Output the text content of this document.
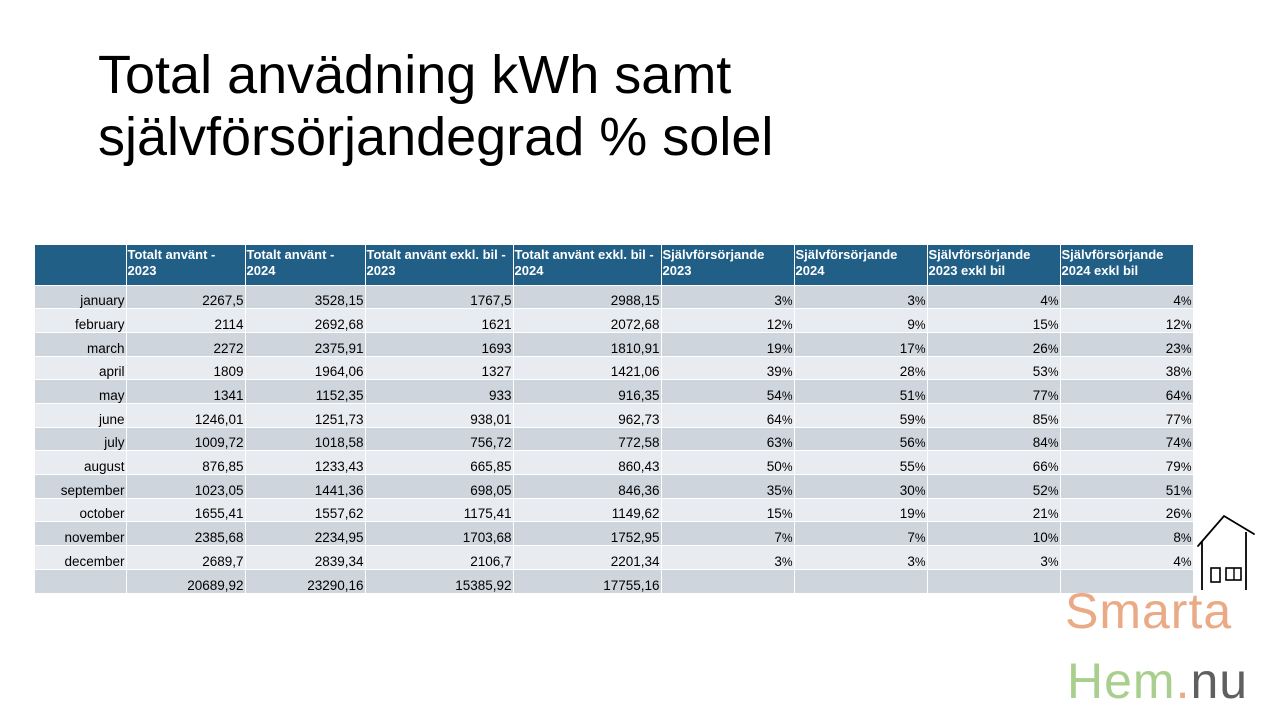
Total anvädning kWh samt
självförsörjandegrad % solel
	Totalt använt - 2023	Totalt använt - 2024	Totalt använt exkl. bil - 2023	Totalt använt exkl. bil - 2024	Självförsörjande 2023	Självförsörjande 2024	Självförsörjande 2023 exkl bil	Självförsörjande 2024 exkl bil
january	2267,5	3528,15	1767,5	2988,15	3%	3%	4%	4%
february	2114	2692,68	1621	2072,68	12%	9%	15%	12%
march	2272	2375,91	1693	1810,91	19%	17%	26%	23%
april	1809	1964,06	1327	1421,06	39%	28%	53%	38%
may	1341	1152,35	933	916,35	54%	51%	77%	64%
june	1246,01	1251,73	938,01	962,73	64%	59%	85%	77%
july	1009,72	1018,58	756,72	772,58	63%	56%	84%	74%
august	876,85	1233,43	665,85	860,43	50%	55%	66%	79%
september	1023,05	1441,36	698,05	846,36	35%	30%	52%	51%
october	1655,41	1557,62	1175,41	1149,62	15%	19%	21%	26%
november	2385,68	2234,95	1703,68	1752,95	7%	7%	10%	8%
december	2689,7	2839,34	2106,7	2201,34	3%	3%	3%	4%
	20689,92	23290,16	15385,92	17755,16					Smarta
Hem.nu
